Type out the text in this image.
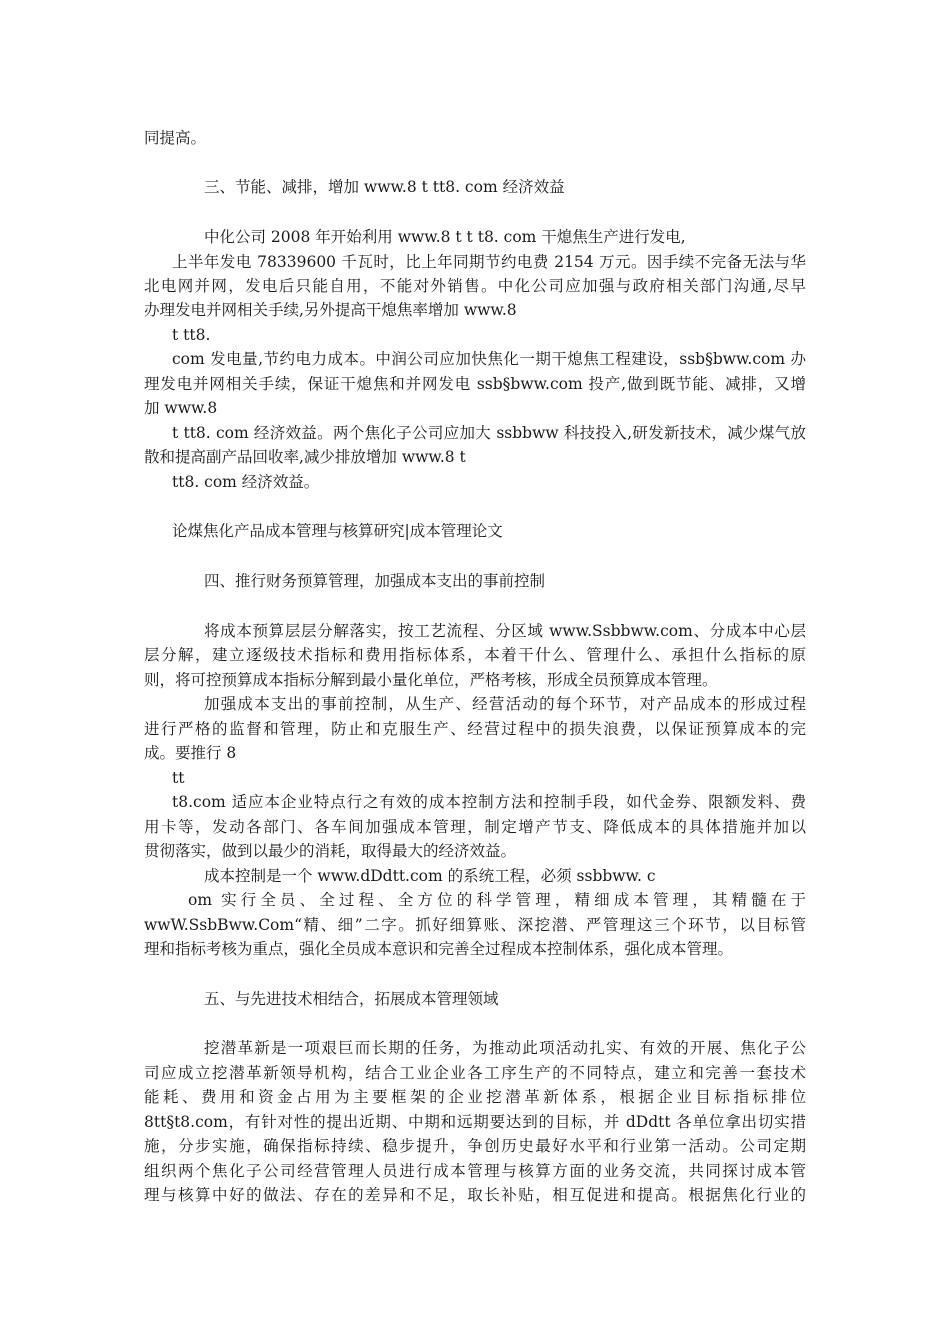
同提高。
三、节能、减排，增加 www.8 t tt8. com 经济效益
中化公司 2008 年开始利用 www.8 t t t8. com 干熄焦生产进行发电,
上半年发电 78339600 千瓦时，比上年同期节约电费 2154 万元。因手续不完备无法与华
北电网并网，发电后只能自用，不能对外销售。中化公司应加强与政府相关部门沟通,尽早
办理发电并网相关手续,另外提高干熄焦率增加 www.8
t tt8.
com 发电量,节约电力成本。中润公司应加快焦化一期干熄焦工程建设，ssb§bww.com 办
理发电并网相关手续，保证干熄焦和并网发电 ssb§bww.com 投产,做到既节能、减排，又增
加 www.8
t tt8. com 经济效益。两个焦化子公司应加大 ssbbww 科技投入,研发新技术，减少煤气放
散和提高副产品回收率,减少排放增加 www.8 t
tt8. com 经济效益。
论煤焦化产品成本管理与核算研究|成本管理论文
四、推行财务预算管理，加强成本支出的事前控制
将成本预算层层分解落实，按工艺流程、分区域 www.Ssbbww.com、分成本中心层
层分解，建立逐级技术指标和费用指标体系，本着干什么、管理什么、承担什么指标的原
则，将可控预算成本指标分解到最小量化单位，严格考核，形成全员预算成本管理。
加强成本支出的事前控制，从生产、经营活动的每个环节，对产品成本的形成过程
进行严格的监督和管理，防止和克服生产、经营过程中的损失浪费，以保证预算成本的完
成。要推行 8
tt
t8.com 适应本企业特点行之有效的成本控制方法和控制手段，如代金券、限额发料、费
用卡等，发动各部门、各车间加强成本管理，制定增产节支、降低成本的具体措施并加以
贯彻落实，做到以最少的消耗，取得最大的经济效益。
成本控制是一个 www.dDdtt.com 的系统工程，必须 ssbbww. c
om 实行全员、全过程、全方位的科学管理，精细成本管理，其精髓在于
wwW.SsbBww.Com“精、细”二字。抓好细算账、深挖潜、严管理这三个环节，以目标管
理和指标考核为重点，强化全员成本意识和完善全过程成本控制体系，强化成本管理。
五、与先进技术相结合，拓展成本管理领域
挖潜革新是一项艰巨而长期的任务，为推动此项活动扎实、有效的开展、焦化子公
司应成立挖潜革新领导机构，结合工业企业各工序生产的不同特点，建立和完善一套技术
能耗、费用和资金占用为主要框架的企业挖潜革新体系，根据企业目标指标排位
8tt§t8.com，有针对性的提出近期、中期和远期要达到的目标，并 dDdtt 各单位拿出切实措
施，分步实施，确保指标持续、稳步提升，争创历史最好水平和行业第一活动。公司定期
组织两个焦化子公司经营管理人员进行成本管理与核算方面的业务交流，共同探讨成本管
理与核算中好的做法、存在的差异和不足，取长补贴，相互促进和提高。根据焦化行业的
